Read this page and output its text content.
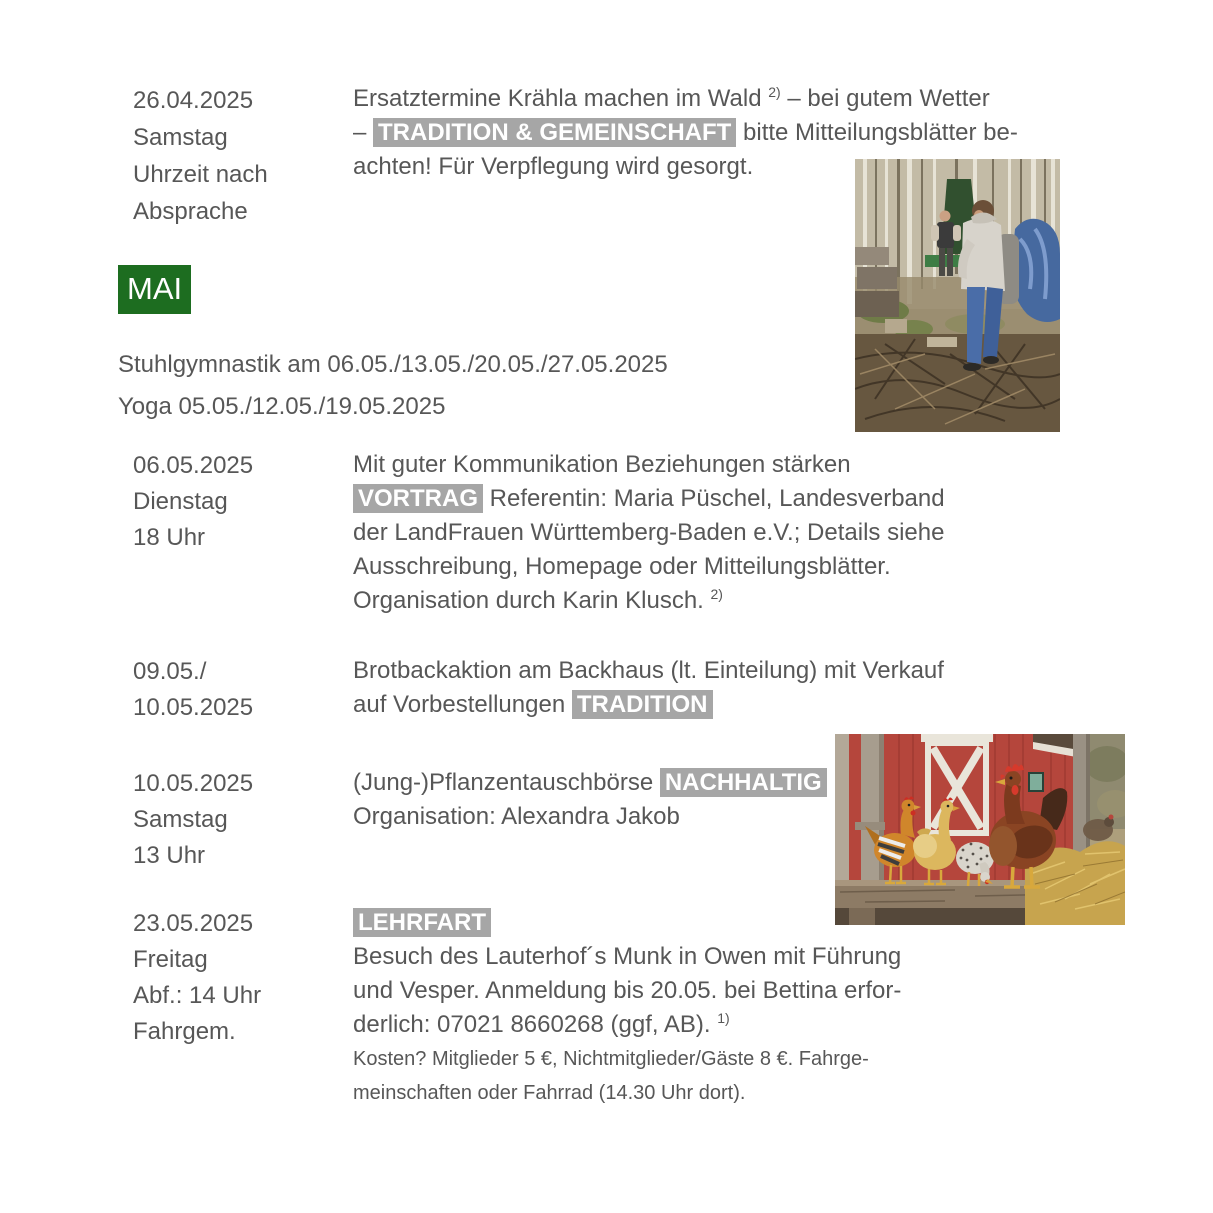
26.04.2025
Samstag
Uhrzeit nach
Absprache
Ersatztermine Krähla machen im Wald $^{2)}$ – bei gutem Wetter
– TRADITION & GEMEINSCHAFT bitte Mitteilungsblätter be-
achten! Für Verpflegung wird gesorgt.
MAI
Stuhlgymnastik am 06.05./13.05./20.05./27.05.2025
Yoga 05.05./12.05./19.05.2025
06.05.2025
Dienstag
18 Uhr
Mit guter Kommunikation Beziehungen stärken
VORTRAG Referentin: Maria Püschel, Landesverband
der LandFrauen Württemberg-Baden e.V.; Details siehe
Ausschreibung, Homepage oder Mitteilungsblätter.
Organisation durch Karin Klusch. $^{2)}$
09.05./
10.05.2025
Brotbackaktion am Backhaus (lt. Einteilung) mit Verkauf
auf Vorbestellungen TRADITION
10.05.2025
Samstag
13 Uhr
(Jung-)Pflanzentauschbörse NACHHALTIG
Organisation: Alexandra Jakob
23.05.2025
Freitag
Abf.: 14 Uhr
Fahrgem.
LEHRFART
Besuch des Lauterhof´s Munk in Owen mit Führung
und Vesper. Anmeldung bis 20.05. bei Bettina erfor-
derlich: 07021 8660268 (ggf, AB). $^{1)}$
Kosten? Mitglieder 5 €, Nichtmitglieder/Gäste 8 €. Fahrge-
meinschaften oder Fahrrad (14.30 Uhr dort).
